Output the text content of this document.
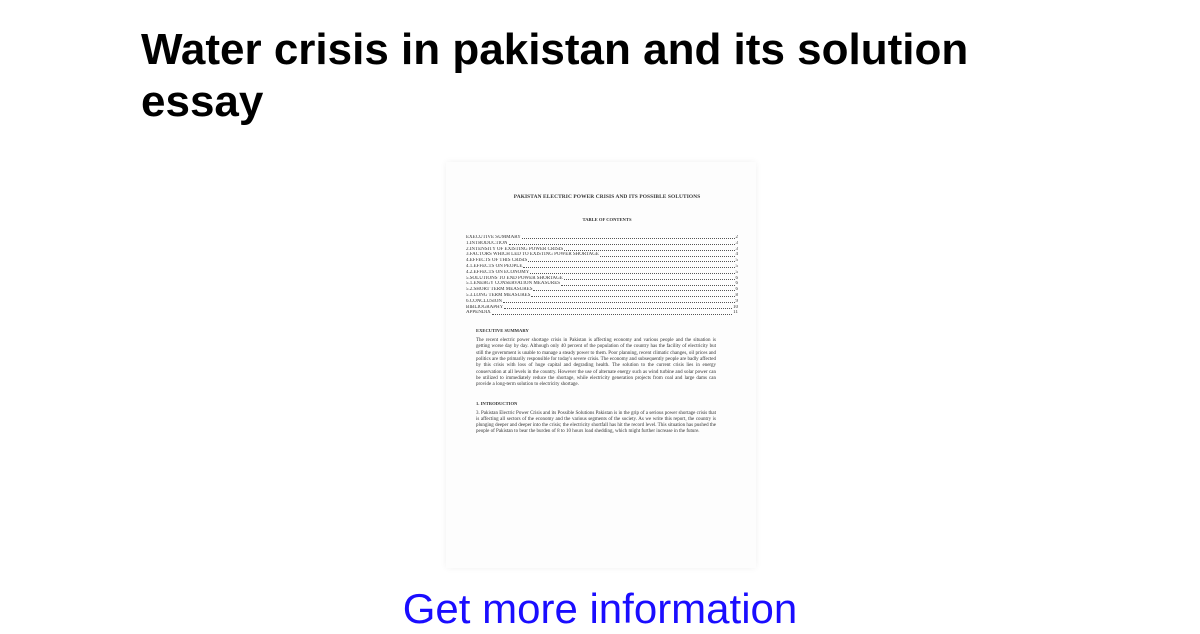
Water crisis in pakistan and its solution essay
PAKISTAN ELECTRIC POWER CRISIS AND ITS POSSIBLE SOLUTIONS
TABLE OF CONTENTS
EXECUTIVE SUMMARY	2
1.INTRODUCTION	3
2.INTENSITY OF EXISTING POWER CRISIS	3
3.FACTORS WHICH LED TO EXISTING POWER SHORTAGE	4
4.EFFECTS OF THIS CRISIS	5
4.1.EFFECTS ON PEOPLE	5
4.2.EFFECTS ON ECONOMY	5
5.SOLUTIONS TO END POWER SHORTAGE	6
5.1.ENERGY CONSERVATION MEASURES	6
5.2.SHORT TERM MEASURES	6
5.3.LONG TERM MEASURES	8
6.CONCLUSION	9
BIBLIOGRAPHY	10
APPENDIX	11
EXECUTIVE SUMMARY
The recent electric power shortage crisis in Pakistan is affecting economy and various people and the situation is getting worse day by day. Although only 40 percent of the population of the country has the facility of electricity but still the government is unable to manage a steady power to them. Poor planning, recent climatic changes, oil prices and politics are the primarily responsible for today's severe crisis. The economy and subsequently people are badly affected by this crisis with loss of huge capital and degrading health. The solution to the current crisis lies in energy conservation at all levels in the country. However the use of alternate energy such as wind turbine and solar power can be utilized to immediately reduce the shortage, while electricity generation projects from coal and large dams can provide a long-term solution to electricity shortage.
1. INTRODUCTION
3. Pakistan Electric Power Crisis and its Possible Solutions Pakistan is in the grip of a serious power shortage crisis that is affecting all sectors of the economy and the various segments of the society. As we write this report, the country is plunging deeper and deeper into the crisis; the electricity shortfall has hit the record level. This situation has pushed the people of Pakistan to bear the burden of 8 to 10 hours load shedding, which might further increase in the future.
Get more information
